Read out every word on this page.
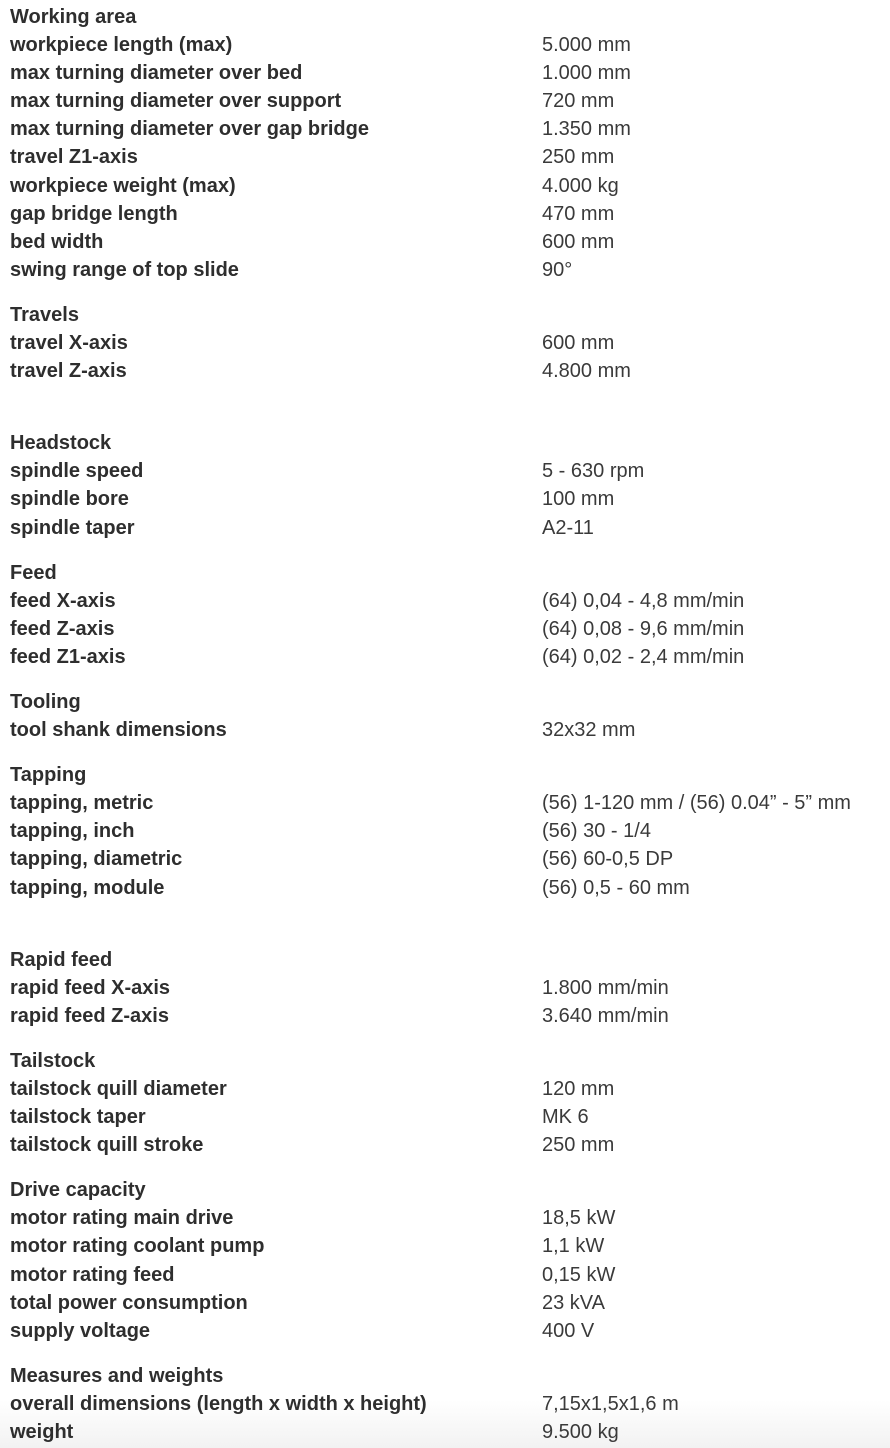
Working area
workpiece length (max)	5.000 mm
max turning diameter over bed	1.000 mm
max turning diameter over support	720 mm
max turning diameter over gap bridge	1.350 mm
travel Z1-axis	250 mm
workpiece weight (max)	4.000 kg
gap bridge length	470 mm
bed width	600 mm
swing range of top slide	90°
Travels
travel X-axis	600 mm
travel Z-axis	4.800 mm
Headstock
spindle speed	5 - 630 rpm
spindle bore	100 mm
spindle taper	A2-11
Feed
feed X-axis	(64) 0,04 - 4,8 mm/min
feed Z-axis	(64) 0,08 - 9,6 mm/min
feed Z1-axis	(64) 0,02 - 2,4 mm/min
Tooling
tool shank dimensions	32x32 mm
Tapping
tapping, metric	(56) 1-120 mm / (56) 0.04” - 5” mm
tapping, inch	(56) 30 - 1/4
tapping, diametric	(56) 60-0,5 DP
tapping, module	(56) 0,5 - 60 mm
Rapid feed
rapid feed X-axis	1.800 mm/min
rapid feed Z-axis	3.640 mm/min
Tailstock
tailstock quill diameter	120 mm
tailstock taper	MK 6
tailstock quill stroke	250 mm
Drive capacity
motor rating main drive	18,5 kW
motor rating coolant pump	1,1 kW
motor rating feed	0,15 kW
total power consumption	23 kVA
supply voltage	400 V
Measures and weights
overall dimensions (length x width x height)	7,15x1,5x1,6 m
weight	9.500 kg
